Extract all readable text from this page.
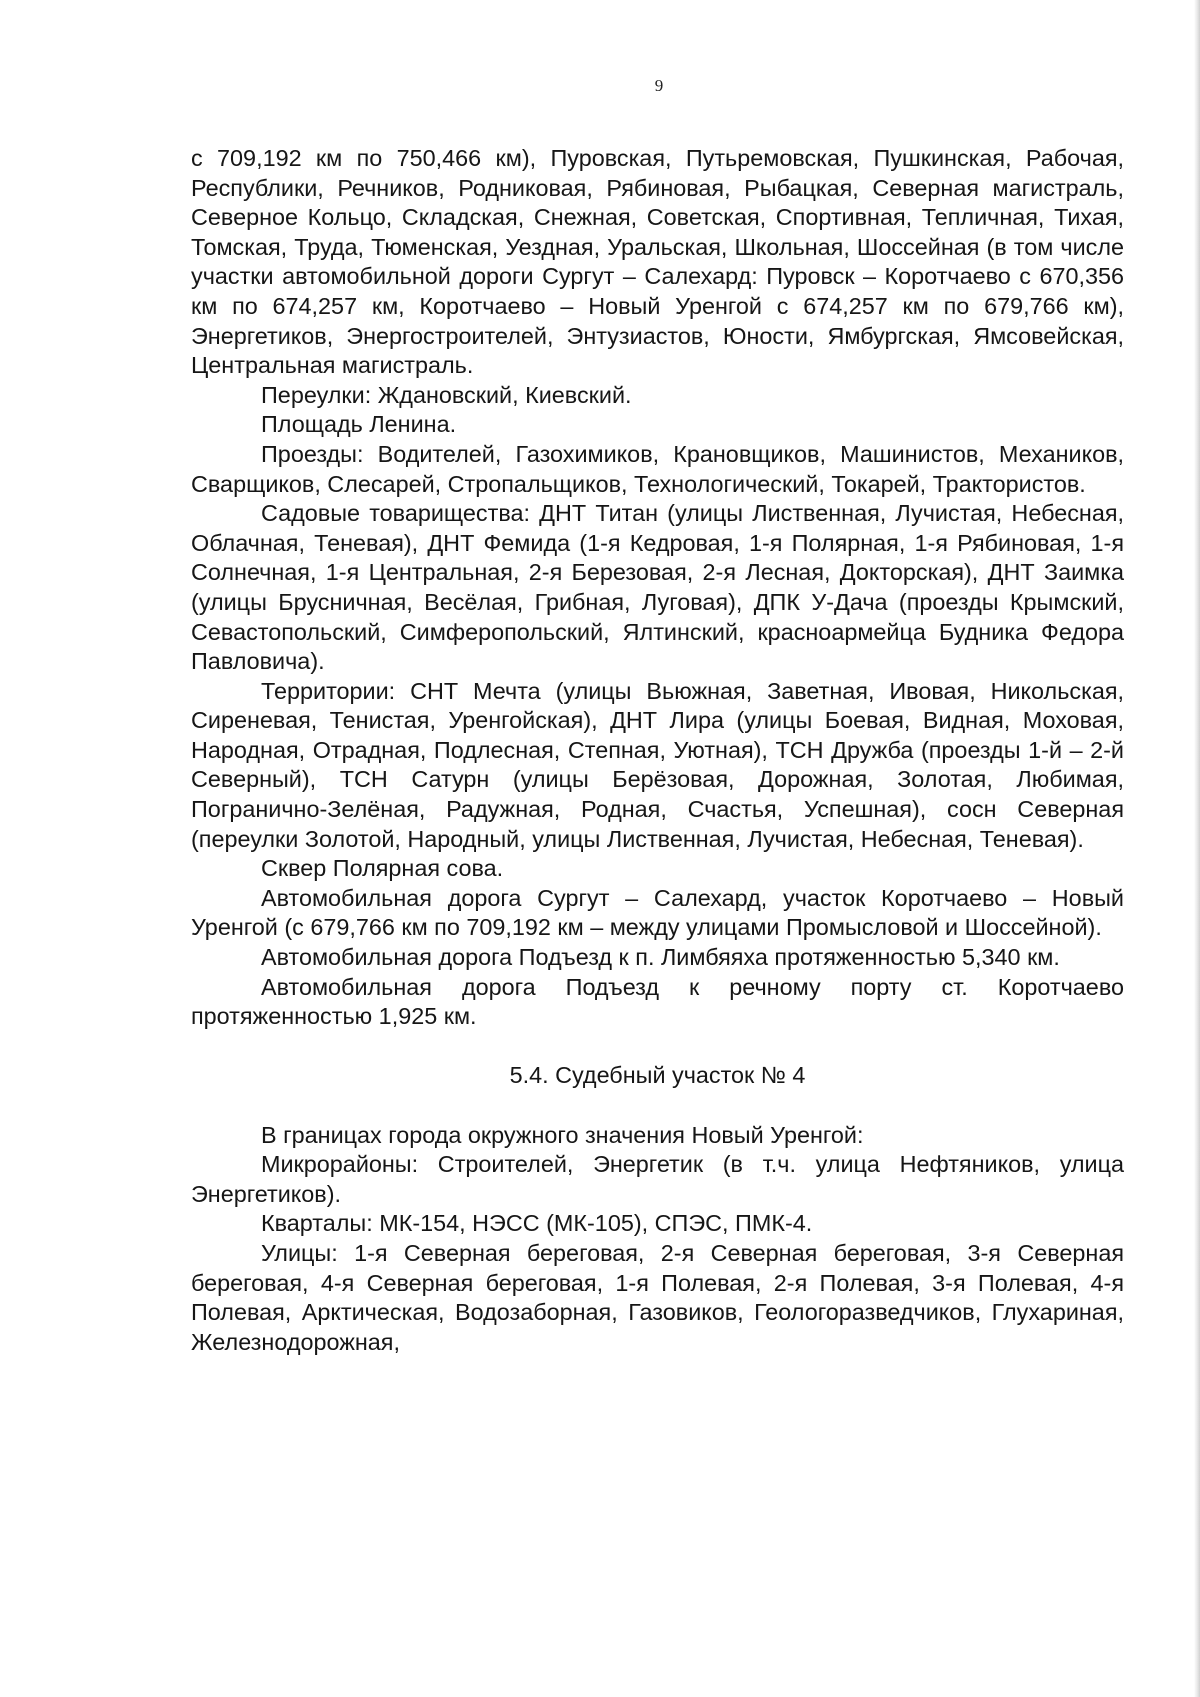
9

с 709,192 км по 750,466 км), Пуровская, Путьремовская, Пушкинская, Рабочая, Республики, Речников, Родниковая, Рябиновая, Рыбацкая, Северная магистраль, Северное Кольцо, Складская, Снежная, Советская, Спортивная, Тепличная, Тихая, Томская, Труда, Тюменская, Уездная, Уральская, Школьная, Шоссейная (в том числе участки автомобильной дороги Сургут – Салехард: Пуровск – Коротчаево с 670,356 км по 674,257 км, Коротчаево – Новый Уренгой с 674,257 км по 679,766 км), Энергетиков, Энергостроителей, Энтузиастов, Юности, Ямбургская, Ямсовейская, Центральная магистраль.

Переулки: Ждановский, Киевский.

Площадь Ленина.

Проезды: Водителей, Газохимиков, Крановщиков, Машинистов, Механиков, Сварщиков, Слесарей, Стропальщиков, Технологический, Токарей, Трактористов.

Садовые товарищества: ДНТ Титан (улицы Лиственная, Лучистая, Небесная, Облачная, Теневая), ДНТ Фемида (1-я Кедровая, 1-я Полярная, 1-я Рябиновая, 1-я Солнечная, 1-я Центральная, 2-я Березовая, 2-я Лесная, Докторская), ДНТ Заимка (улицы Брусничная, Весёлая, Грибная, Луговая), ДПК У-Дача (проезды Крымский, Севастопольский, Симферопольский, Ялтинский, красноармейца Будника Федора Павловича).

Территории: СНТ Мечта (улицы Вьюжная, Заветная, Ивовая, Никольская, Сиреневая, Тенистая, Уренгойская), ДНТ Лира (улицы Боевая, Видная, Моховая, Народная, Отрадная, Подлесная, Степная, Уютная), ТСН Дружба (проезды 1-й – 2-й Северный), ТСН Сатурн (улицы Берёзовая, Дорожная, Золотая, Любимая, Погранично-Зелёная, Радужная, Родная, Счастья, Успешная), сосн Северная (переулки Золотой, Народный, улицы Лиственная, Лучистая, Небесная, Теневая).

Сквер Полярная сова.

Автомобильная дорога Сургут – Салехард, участок Коротчаево – Новый Уренгой (с 679,766 км по 709,192 км – между улицами Промысловой и Шоссейной).

Автомобильная дорога Подъезд к п. Лимбяяха протяженностью 5,340 км.

Автомобильная дорога Подъезд к речному порту ст. Коротчаево протяженностью 1,925 км.

5.4. Судебный участок № 4

В границах города окружного значения Новый Уренгой:

Микрорайоны: Строителей, Энергетик (в т.ч. улица Нефтяников, улица Энергетиков).

Кварталы: МК-154, НЭСС (МК-105), СПЭС, ПМК-4.

Улицы: 1-я Северная береговая, 2-я Северная береговая, 3-я Северная береговая, 4-я Северная береговая, 1-я Полевая, 2-я Полевая, 3-я Полевая, 4-я Полевая, Арктическая, Водозаборная, Газовиков, Геологоразведчиков, Глухариная, Железнодорожная,
